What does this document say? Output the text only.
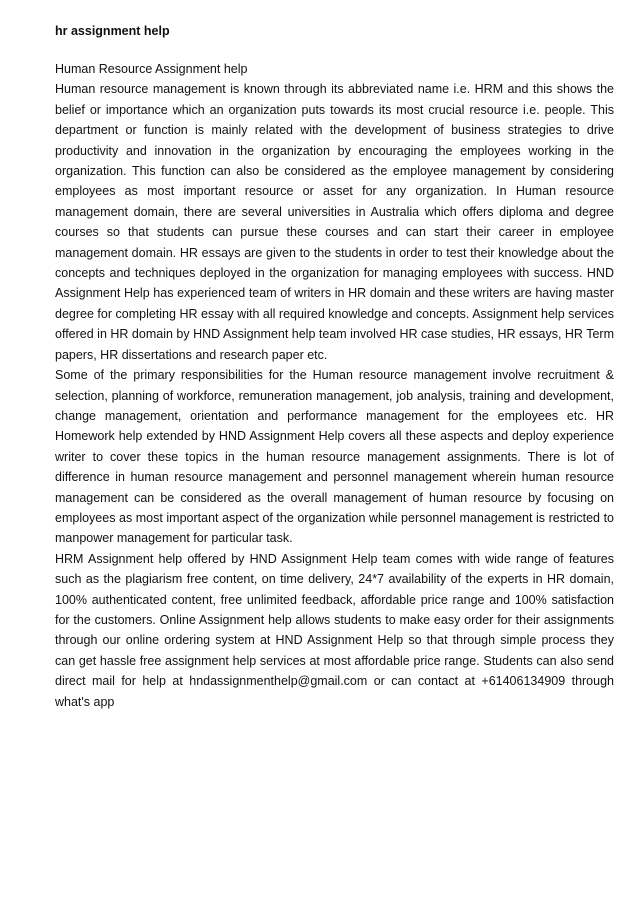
hr assignment help
Human Resource Assignment help

Human resource management is known through its abbreviated name i.e. HRM and this shows the belief or importance which an organization puts towards its most crucial resource i.e. people. This department or function is mainly related with the development of business strategies to drive productivity and innovation in the organization by encouraging the employees working in the organization. This function can also be considered as the employee management by considering employees as most important resource or asset for any organization. In Human resource management domain, there are several universities in Australia which offers diploma and degree courses so that students can pursue these courses and can start their career in employee management domain. HR essays are given to the students in order to test their knowledge about the concepts and techniques deployed in the organization for managing employees with success. HND Assignment Help has experienced team of writers in HR domain and these writers are having master degree for completing HR essay with all required knowledge and concepts. Assignment help services offered in HR domain by HND Assignment help team involved HR case studies, HR essays, HR Term papers, HR dissertations and research paper etc.

Some of the primary responsibilities for the Human resource management involve recruitment & selection, planning of workforce, remuneration management, job analysis, training and development, change management, orientation and performance management for the employees etc. HR Homework help extended by HND Assignment Help covers all these aspects and deploy experience writer to cover these topics in the human resource management assignments. There is lot of difference in human resource management and personnel management wherein human resource management can be considered as the overall management of human resource by focusing on employees as most important aspect of the organization while personnel management is restricted to manpower management for particular task.

HRM Assignment help offered by HND Assignment Help team comes with wide range of features such as the plagiarism free content, on time delivery, 24*7 availability of the experts in HR domain, 100% authenticated content, free unlimited feedback, affordable price range and 100% satisfaction for the customers. Online Assignment help allows students to make easy order for their assignments through our online ordering system at HND Assignment Help so that through simple process they can get hassle free assignment help services at most affordable price range. Students can also send direct mail for help at hndassignmenthelp@gmail.com or can contact at +61406134909 through what's app
